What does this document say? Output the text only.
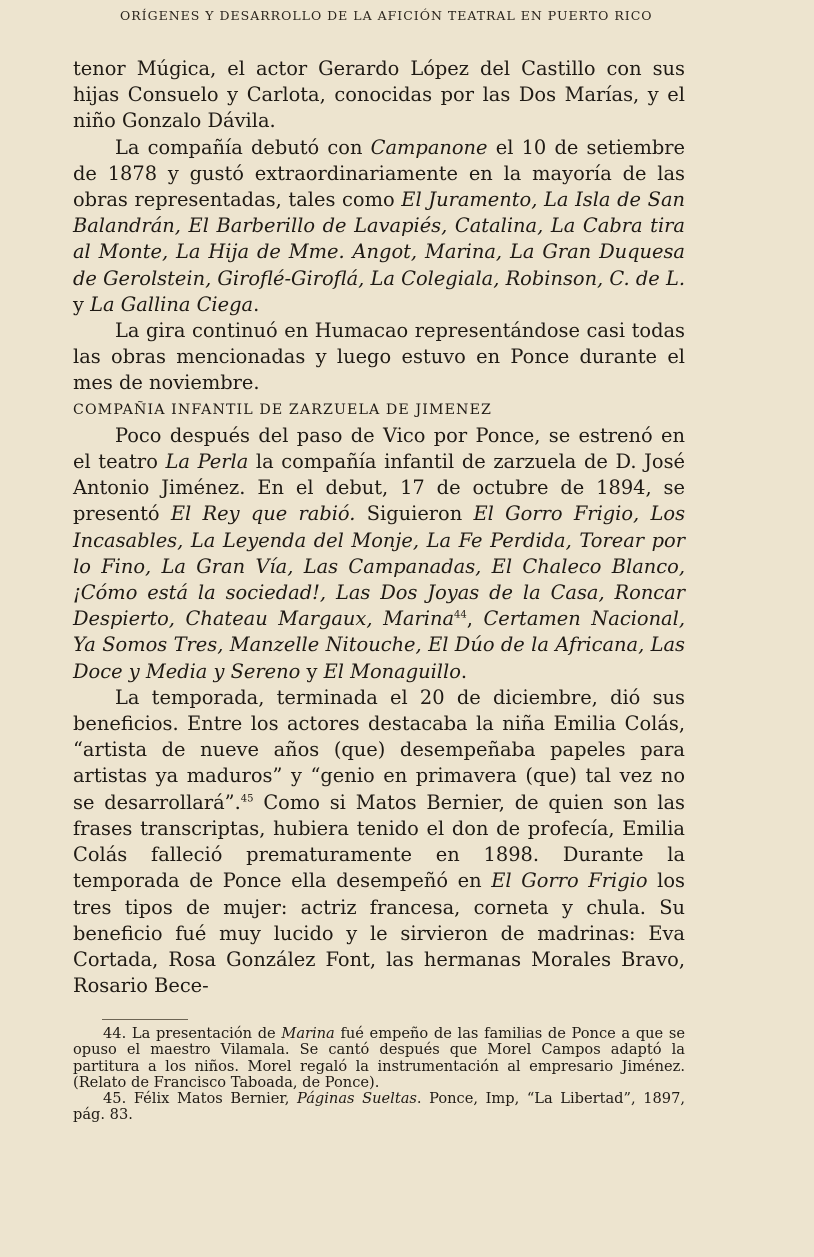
ORÍGENES Y DESARROLLO DE LA AFICIÓN TEATRAL EN PUERTO RICO

tenor Múgica, el actor Gerardo López del Castillo con sus hijas Consuelo y Carlota, conocidas por las Dos Marías, y el niño Gonzalo Dávila.

La compañía debutó con Campanone el 10 de setiembre de 1878 y gustó extraordinariamente en la mayoría de las obras representadas, tales como El Juramento, La Isla de San Balandrán, El Barberillo de Lavapiés, Catalina, La Cabra tira al Monte, La Hija de Mme. Angot, Marina, La Gran Duquesa de Gerolstein, Giroflé-Giroflá, La Colegiala, Robinson, C. de L. y La Gallina Ciega.

La gira continuó en Humacao representándose casi todas las obras mencionadas y luego estuvo en Ponce durante el mes de noviembre.

COMPAÑIA INFANTIL DE ZARZUELA DE JIMENEZ

Poco después del paso de Vico por Ponce, se estrenó en el teatro La Perla la compañía infantil de zarzuela de D. José Antonio Jiménez. En el debut, 17 de octubre de 1894, se presentó El Rey que rabió. Siguieron El Gorro Frigio, Los Incasables, La Leyenda del Monje, La Fe Perdida, Torear por lo Fino, La Gran Vía, Las Campanadas, El Chaleco Blanco, ¡Cómo está la sociedad!, Las Dos Joyas de la Casa, Roncar Despierto, Chateau Margaux, Marina$^{44}$, Certamen Nacional, Ya Somos Tres, Manzelle Nitouche, El Dúo de la Africana, Las Doce y Media y Sereno y El Monaguillo.

La temporada, terminada el 20 de diciembre, dió sus beneficios. Entre los actores destacaba la niña Emilia Colás, “artista de nueve años (que) desempeñaba papeles para artistas ya maduros” y “genio en primavera (que) tal vez no se desarrollará”.$^{45}$ Como si Matos Bernier, de quien son las frases transcriptas, hubiera tenido el don de profecía, Emilia Colás falleció prematuramente en 1898. Durante la temporada de Ponce ella desempeñó en El Gorro Frigio los tres tipos de mujer: actriz francesa, corneta y chula. Su beneficio fué muy lucido y le sirvieron de madrinas: Eva Cortada, Rosa González Font, las hermanas Morales Bravo, Rosario Bece-

44. La presentación de Marina fué empeño de las familias de Ponce a que se opuso el maestro Vilamala. Se cantó después que Morel Campos adaptó la partitura a los niños. Morel regaló la instrumentación al empresario Jiménez. (Relato de Francisco Taboada, de Ponce).

45. Félix Matos Bernier, Páginas Sueltas. Ponce, Imp, “La Libertad”, 1897, pág. 83.
